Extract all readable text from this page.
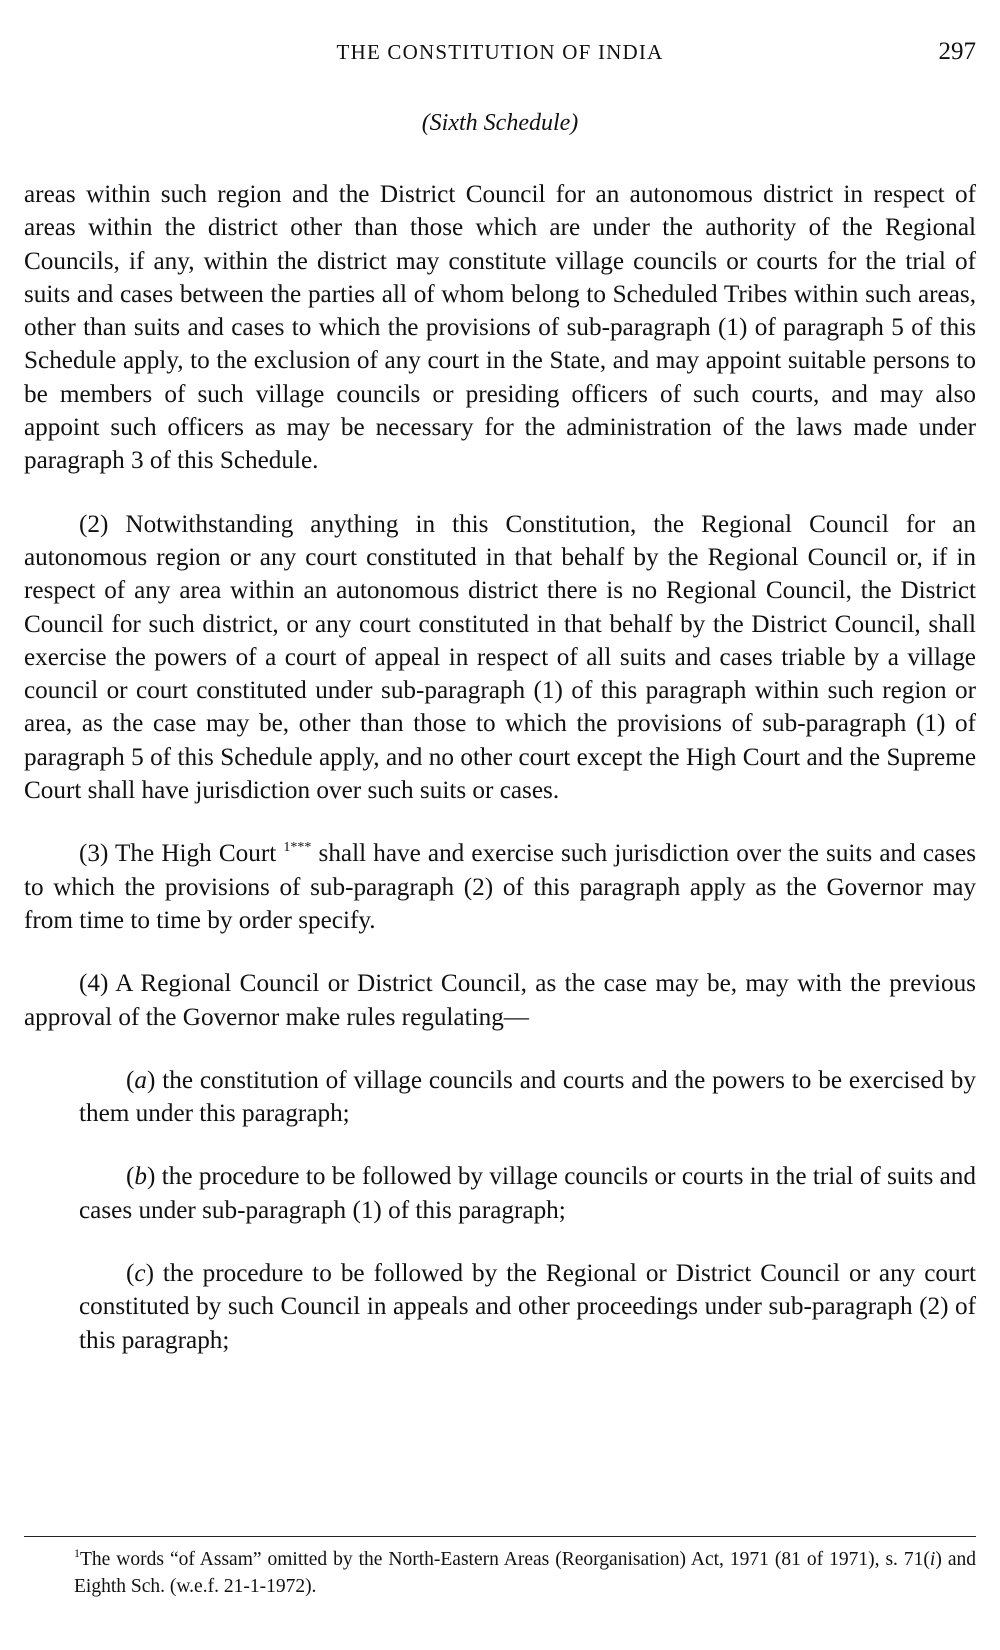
THE CONSTITUTION OF INDIA	297
(Sixth Schedule)

areas within such region and the District Council for an autonomous district in respect of areas within the district other than those which are under the authority of the Regional Councils, if any, within the district may constitute village councils or courts for the trial of suits and cases between the parties all of whom belong to Scheduled Tribes within such areas, other than suits and cases to which the provisions of sub-paragraph (1) of paragraph 5 of this Schedule apply, to the exclusion of any court in the State, and may appoint suitable persons to be members of such village councils or presiding officers of such courts, and may also appoint such officers as may be necessary for the administration of the laws made under paragraph 3 of this Schedule.

(2) Notwithstanding anything in this Constitution, the Regional Council for an autonomous region or any court constituted in that behalf by the Regional Council or, if in respect of any area within an autonomous district there is no Regional Council, the District Council for such district, or any court constituted in that behalf by the District Council, shall exercise the powers of a court of appeal in respect of all suits and cases triable by a village council or court constituted under sub-paragraph (1) of this paragraph within such region or area, as the case may be, other than those to which the provisions of sub-paragraph (1) of paragraph 5 of this Schedule apply, and no other court except the High Court and the Supreme Court shall have jurisdiction over such suits or cases.

(3) The High Court $^{1***}$ shall have and exercise such jurisdiction over the suits and cases to which the provisions of sub-paragraph (2) of this paragraph apply as the Governor may from time to time by order specify.

(4) A Regional Council or District Council, as the case may be, may with the previous approval of the Governor make rules regulating—

(a) the constitution of village councils and courts and the powers to be exercised by them under this paragraph;

(b) the procedure to be followed by village councils or courts in the trial of suits and cases under sub-paragraph (1) of this paragraph;

(c) the procedure to be followed by the Regional or District Council or any court constituted by such Council in appeals and other proceedings under sub-paragraph (2) of this paragraph;

$^1$The words “of Assam” omitted by the North-Eastern Areas (Reorganisation) Act, 1971 (81 of 1971), s. 71(i) and Eighth Sch. (w.e.f. 21-1-1972).
